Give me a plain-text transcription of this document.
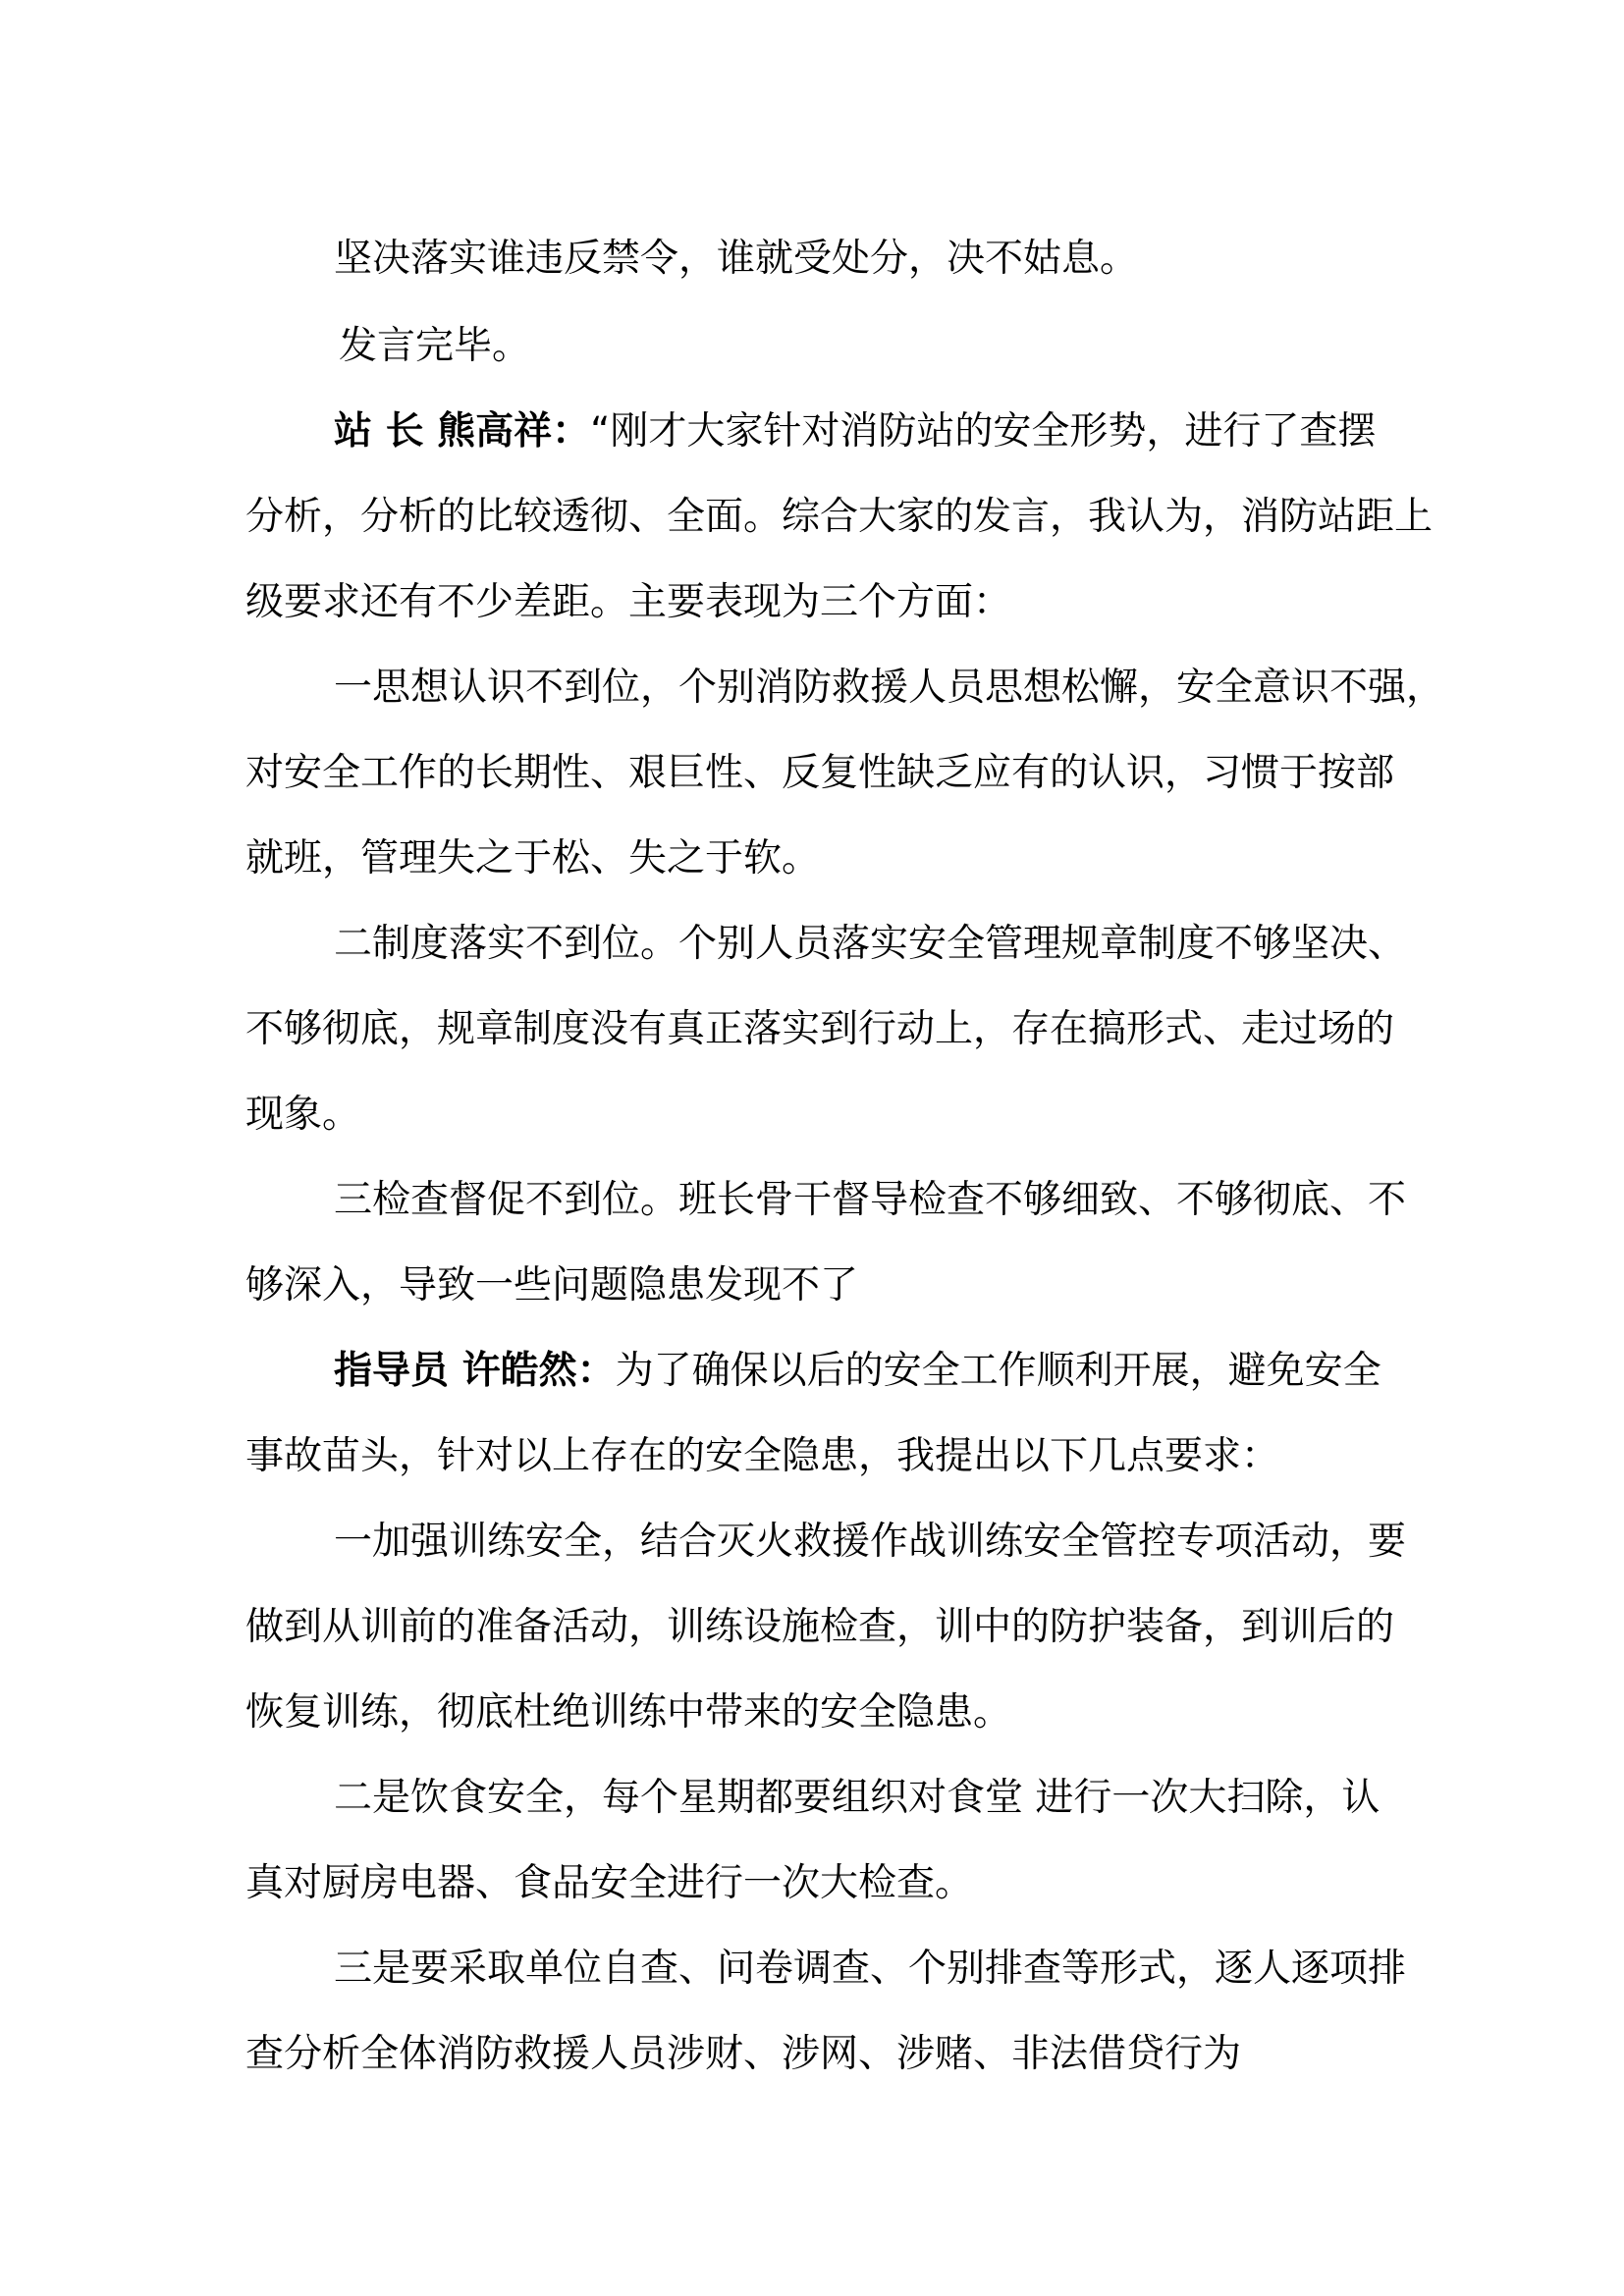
坚决落实谁违反禁令，谁就受处分，决不姑息。

发言完毕。

站 长 熊高祥：“刚才大家针对消防站的安全形势，进行了查摆

分析，分析的比较透彻、全面。综合大家的发言，我认为，消防站距上

级要求还有不少差距。主要表现为三个方面：

一思想认识不到位，个别消防救援人员思想松懈，安全意识不强，

对安全工作的长期性、艰巨性、反复性缺乏应有的认识，习惯于按部

就班，管理失之于松、失之于软。

二制度落实不到位。个别人员落实安全管理规章制度不够坚决、

不够彻底，规章制度没有真正落实到行动上，存在搞形式、走过场的

现象。

三检查督促不到位。班长骨干督导检查不够细致、不够彻底、不

够深入，导致一些问题隐患发现不了

指导员 许皓然：为了确保以后的安全工作顺利开展，避免安全

事故苗头，针对以上存在的安全隐患，我提出以下几点要求：

一加强训练安全，结合灭火救援作战训练安全管控专项活动，要

做到从训前的准备活动，训练设施检查，训中的防护装备，到训后的

恢复训练，彻底杜绝训练中带来的安全隐患。

二是饮食安全，每个星期都要组织对食堂 进行一次大扫除，认

真对厨房电器、食品安全进行一次大检查。

三是要采取单位自查、问卷调查、个别排查等形式，逐人逐项排

查分析全体消防救援人员涉财、涉网、涉赌、非法借贷行为
